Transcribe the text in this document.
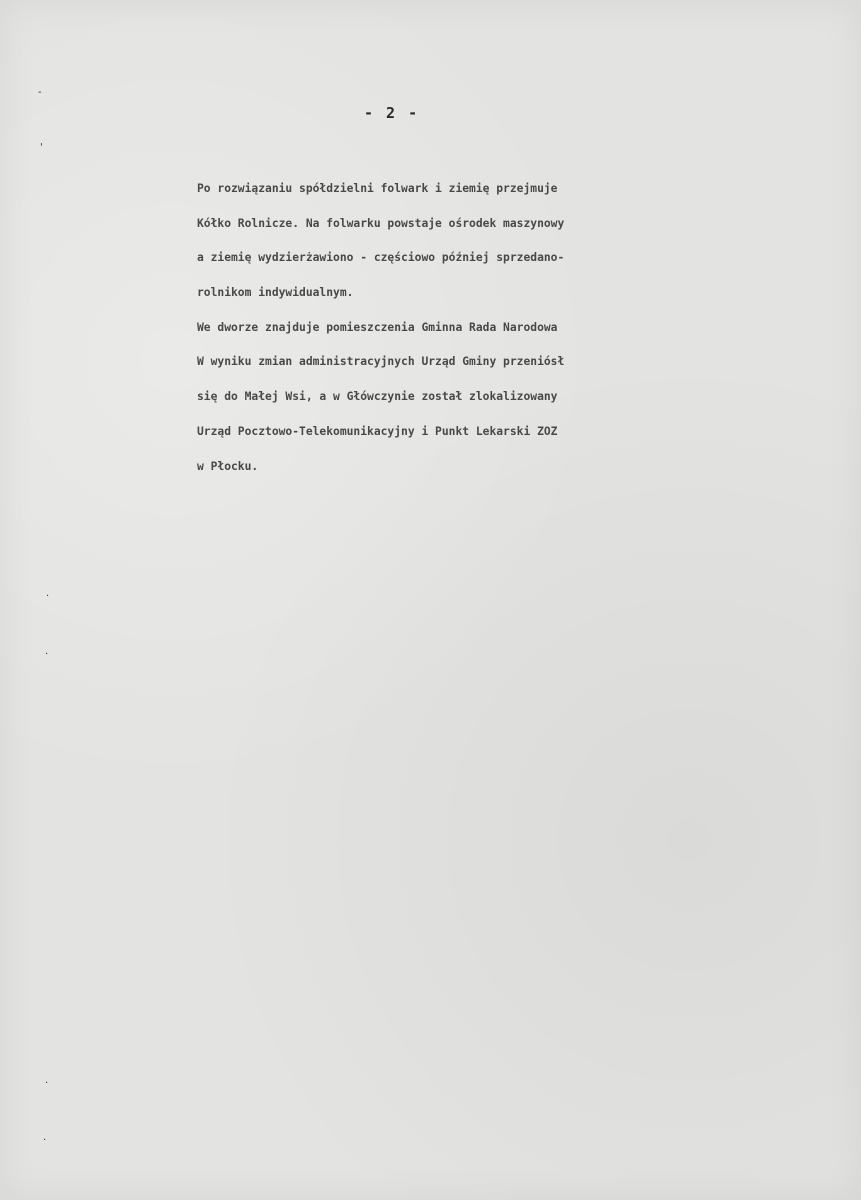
- 2 -
Po rozwiązaniu spółdzielni folwark i ziemię przejmuje
Kółko Rolnicze. Na folwarku powstaje ośrodek maszynowy
a ziemię wydzierżawiono - częściowo później sprzedano-
rolnikom indywidualnym.
We dworze znajduje pomieszczenia Gminna Rada Narodowa
W wyniku zmian administracyjnych Urząd Gminy przeniósł
się do Małej Wsi, a w Główczynie został zlokalizowany
Urząd Pocztowo-Telekomunikacyjny i Punkt Lekarski ZOZ
w Płocku.
-
'
·
·
·
·
